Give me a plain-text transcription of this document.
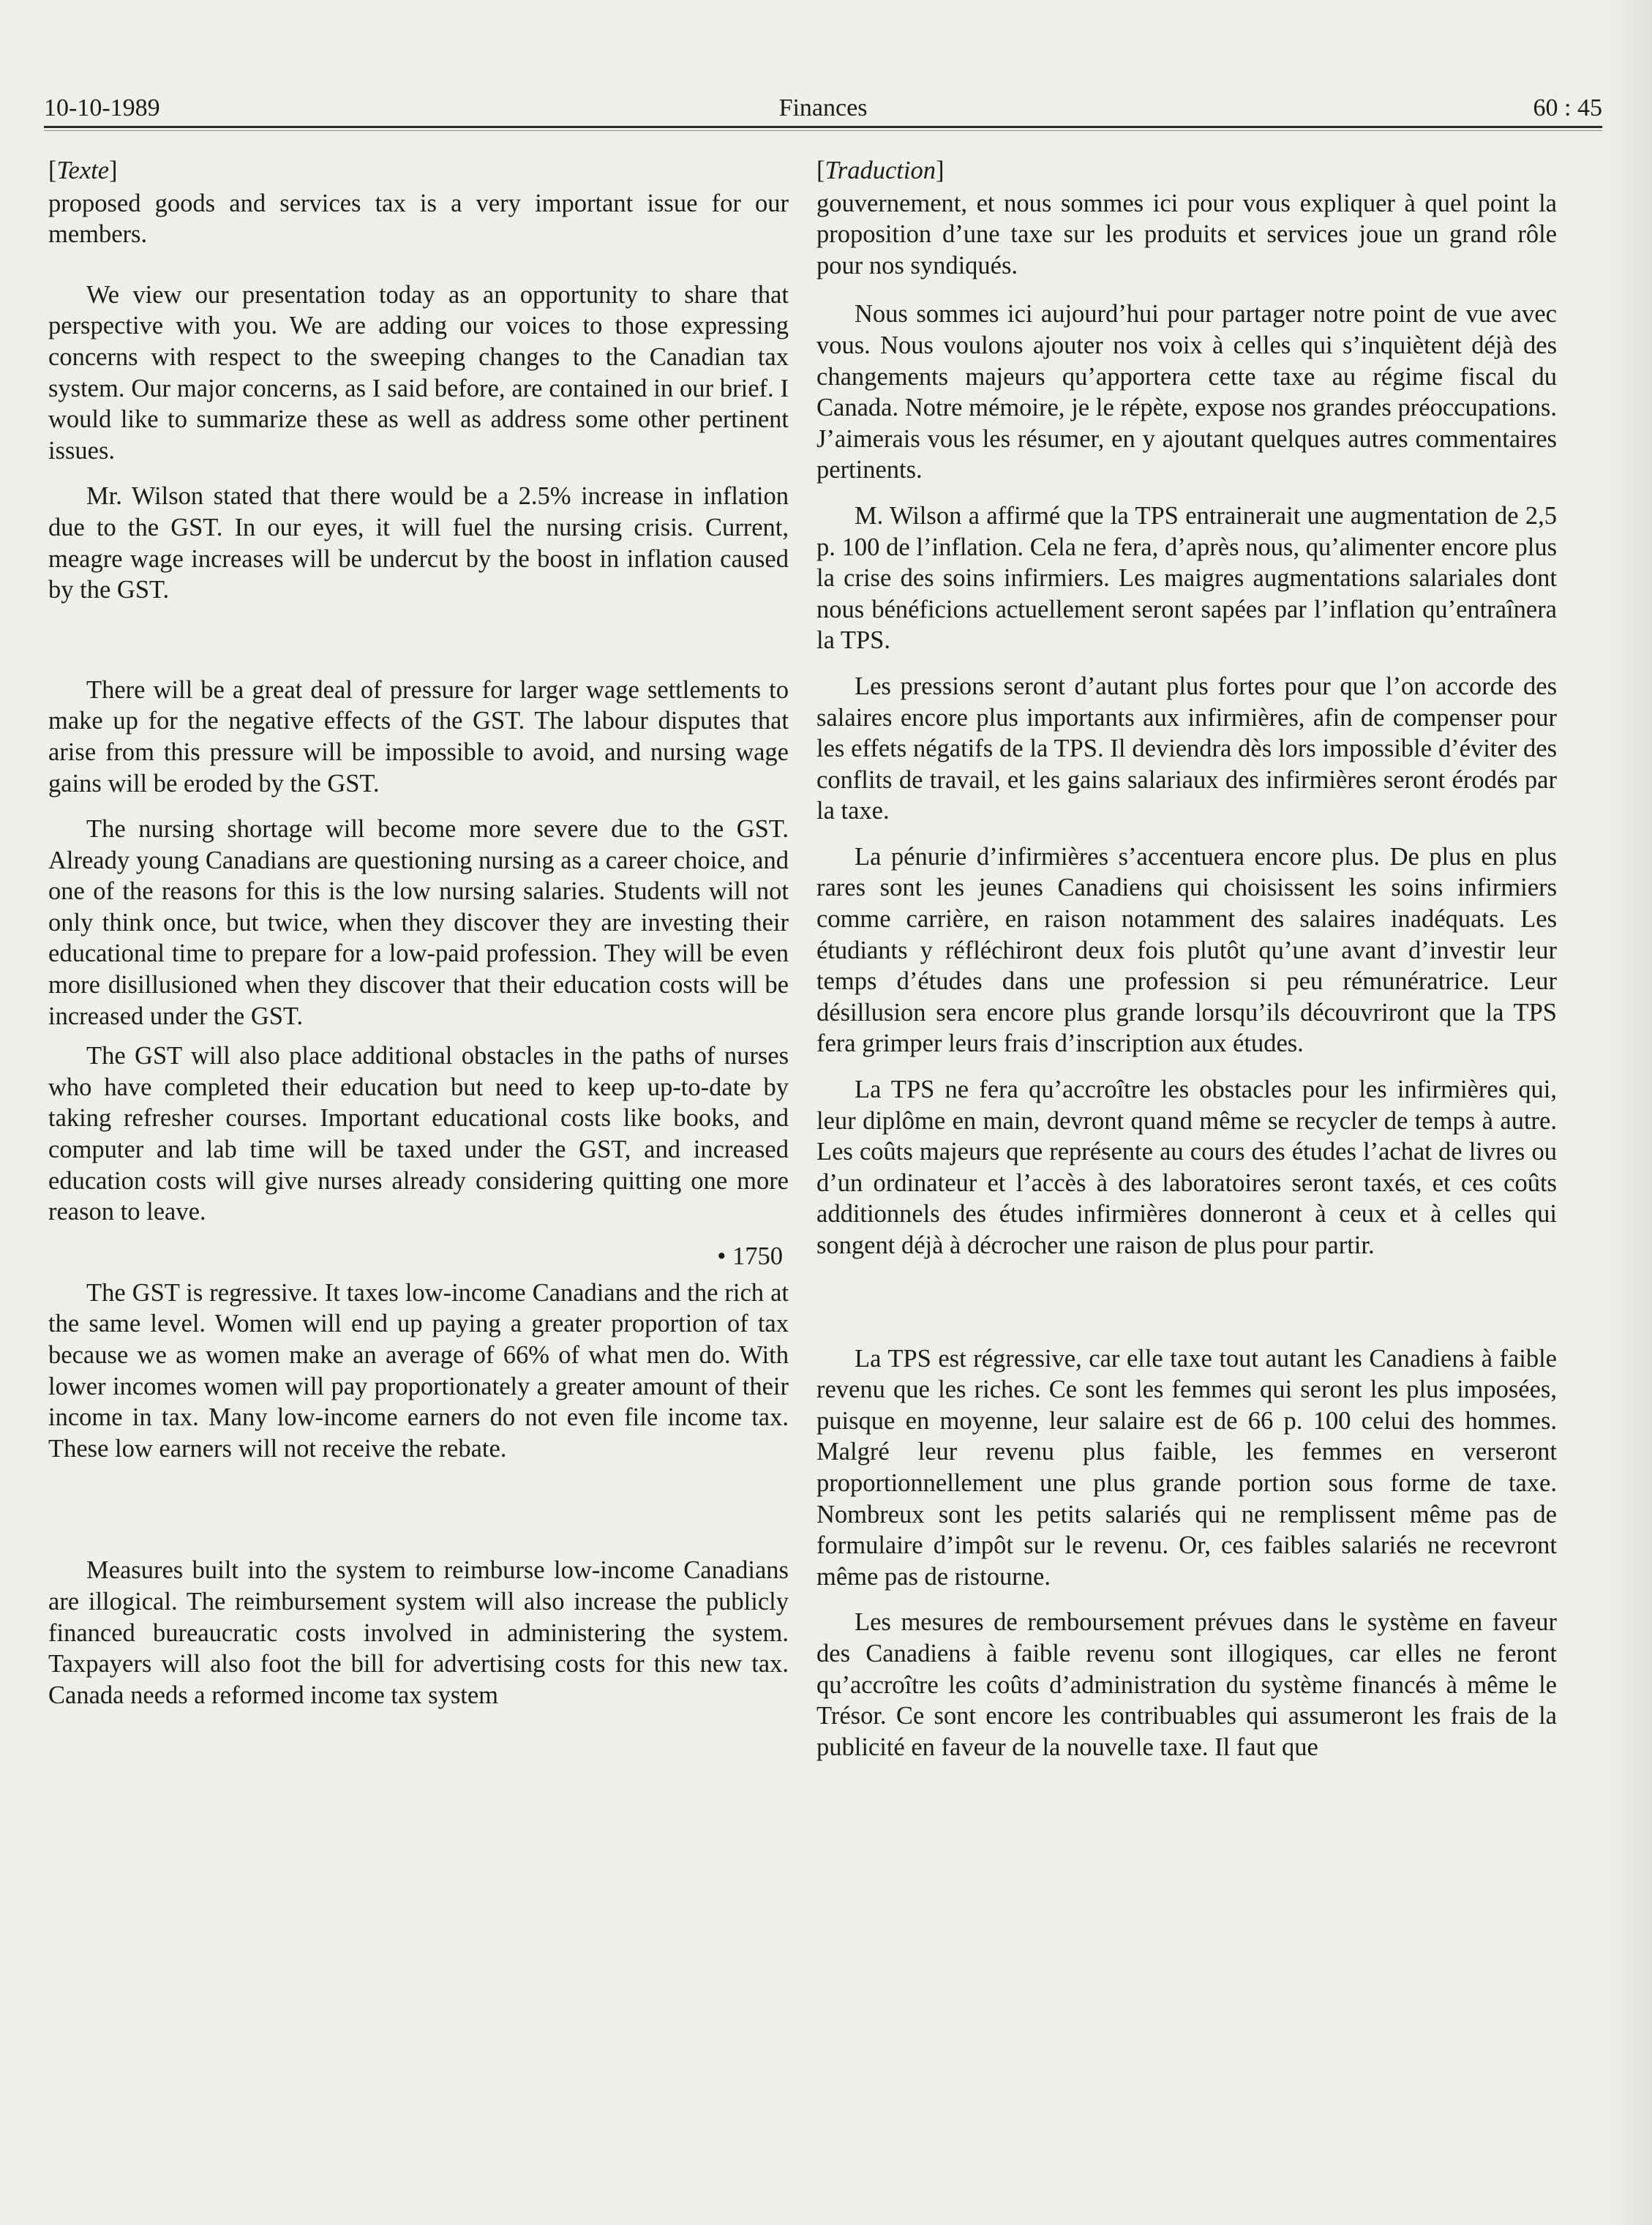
10-10-1989	Finances	60 : 45
[Texte]

proposed goods and services tax is a very important issue for our members.

We view our presentation today as an opportunity to share that perspective with you. We are adding our voices to those expressing concerns with respect to the sweeping changes to the Canadian tax system. Our major concerns, as I said before, are contained in our brief. I would like to summarize these as well as address some other pertinent issues.

Mr. Wilson stated that there would be a 2.5% increase in inflation due to the GST. In our eyes, it will fuel the nursing crisis. Current, meagre wage increases will be undercut by the boost in inflation caused by the GST.

There will be a great deal of pressure for larger wage settlements to make up for the negative effects of the GST. The labour disputes that arise from this pressure will be impossible to avoid, and nursing wage gains will be eroded by the GST.

The nursing shortage will become more severe due to the GST. Already young Canadians are questioning nursing as a career choice, and one of the reasons for this is the low nursing salaries. Students will not only think once, but twice, when they discover they are investing their educational time to prepare for a low-paid profession. They will be even more disillusioned when they discover that their education costs will be increased under the GST.

The GST will also place additional obstacles in the paths of nurses who have completed their education but need to keep up-to-date by taking refresher courses. Important educational costs like books, and computer and lab time will be taxed under the GST, and increased education costs will give nurses already considering quitting one more reason to leave.

• 1750

The GST is regressive. It taxes low-income Canadians and the rich at the same level. Women will end up paying a greater proportion of tax because we as women make an average of 66% of what men do. With lower incomes women will pay proportionately a greater amount of their income in tax. Many low-income earners do not even file income tax. These low earners will not receive the rebate.

Measures built into the system to reimburse low-income Canadians are illogical. The reimbursement system will also increase the publicly financed bureaucratic costs involved in administering the system. Taxpayers will also foot the bill for advertising costs for this new tax. Canada needs a reformed income tax system

[Traduction]

gouvernement, et nous sommes ici pour vous expliquer à quel point la proposition d’une taxe sur les produits et services joue un grand rôle pour nos syndiqués.

Nous sommes ici aujourd’hui pour partager notre point de vue avec vous. Nous voulons ajouter nos voix à celles qui s’inquiètent déjà des changements majeurs qu’apportera cette taxe au régime fiscal du Canada. Notre mémoire, je le répète, expose nos grandes préoccupations. J’aimerais vous les résumer, en y ajoutant quelques autres commentaires pertinents.

M. Wilson a affirmé que la TPS entrainerait une augmentation de 2,5 p. 100 de l’inflation. Cela ne fera, d’après nous, qu’alimenter encore plus la crise des soins infirmiers. Les maigres augmentations salariales dont nous bénéficions actuellement seront sapées par l’inflation qu’entraînera la TPS.

Les pressions seront d’autant plus fortes pour que l’on accorde des salaires encore plus importants aux infirmières, afin de compenser pour les effets négatifs de la TPS. Il deviendra dès lors impossible d’éviter des conflits de travail, et les gains salariaux des infirmières seront érodés par la taxe.

La pénurie d’infirmières s’accentuera encore plus. De plus en plus rares sont les jeunes Canadiens qui choisissent les soins infirmiers comme carrière, en raison notamment des salaires inadéquats. Les étudiants y réfléchiront deux fois plutôt qu’une avant d’investir leur temps d’études dans une profession si peu rémunératrice. Leur désillusion sera encore plus grande lorsqu’ils découvriront que la TPS fera grimper leurs frais d’inscription aux études.

La TPS ne fera qu’accroître les obstacles pour les infirmières qui, leur diplôme en main, devront quand même se recycler de temps à autre. Les coûts majeurs que représente au cours des études l’achat de livres ou d’un ordinateur et l’accès à des laboratoires seront taxés, et ces coûts additionnels des études infirmières donneront à ceux et à celles qui songent déjà à décrocher une raison de plus pour partir.

La TPS est régressive, car elle taxe tout autant les Canadiens à faible revenu que les riches. Ce sont les femmes qui seront les plus imposées, puisque en moyenne, leur salaire est de 66 p. 100 celui des hommes. Malgré leur revenu plus faible, les femmes en verseront proportionnellement une plus grande portion sous forme de taxe. Nombreux sont les petits salariés qui ne remplissent même pas de formulaire d’impôt sur le revenu. Or, ces faibles salariés ne recevront même pas de ristourne.

Les mesures de remboursement prévues dans le système en faveur des Canadiens à faible revenu sont illogiques, car elles ne feront qu’accroître les coûts d’administration du système financés à même le Trésor. Ce sont encore les contribuables qui assumeront les frais de la publicité en faveur de la nouvelle taxe. Il faut que
